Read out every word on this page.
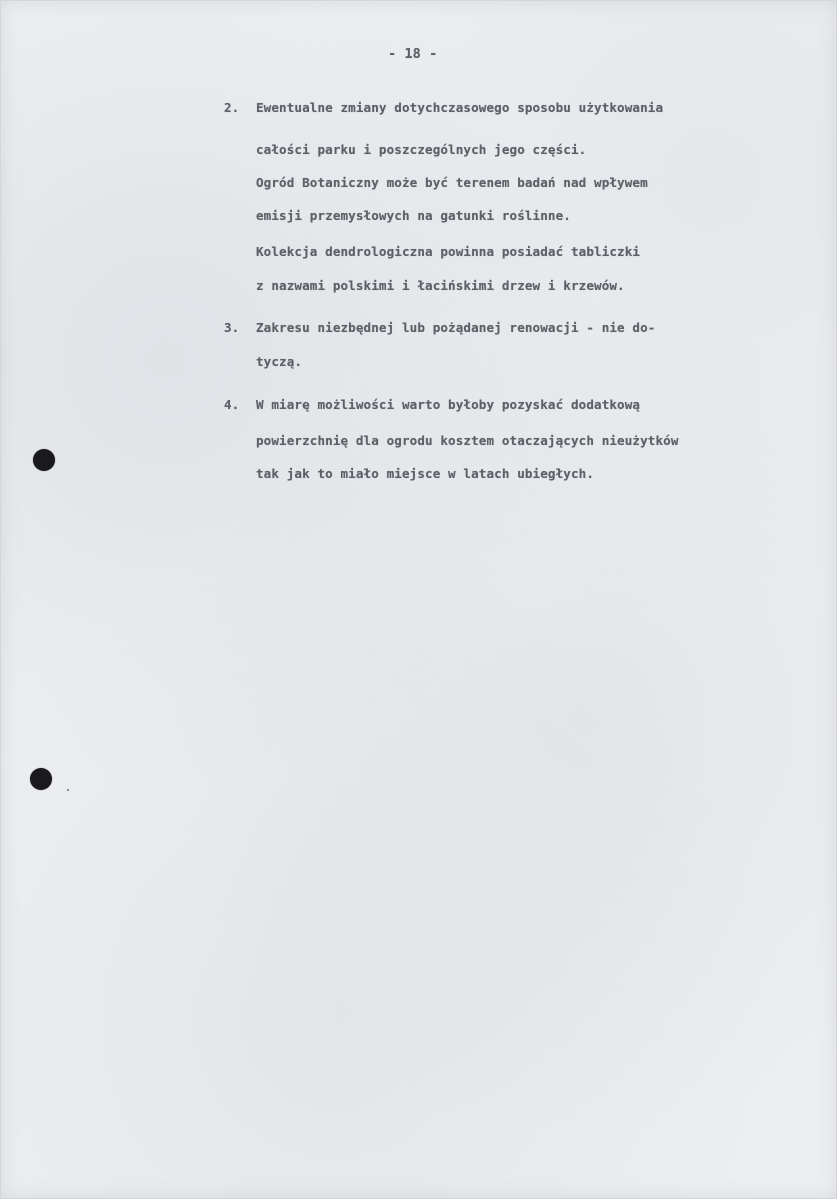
- 18 -
2. Ewentualne zmiany dotychczasowego sposobu użytkowania
całości parku i poszczególnych jego części.
Ogród Botaniczny może być terenem badań nad wpływem
emisji przemysłowych na gatunki roślinne.
Kolekcja dendrologiczna powinna posiadać tabliczki
z nazwami polskimi i łacińskimi drzew i krzewów.
3. Zakresu niezbędnej lub pożądanej renowacji - nie do-
tyczą.
4. W miarę możliwości warto byłoby pozyskać dodatkową
powierzchnię dla ogrodu kosztem otaczających nieużytków
tak jak to miało miejsce w latach ubiegłych.
